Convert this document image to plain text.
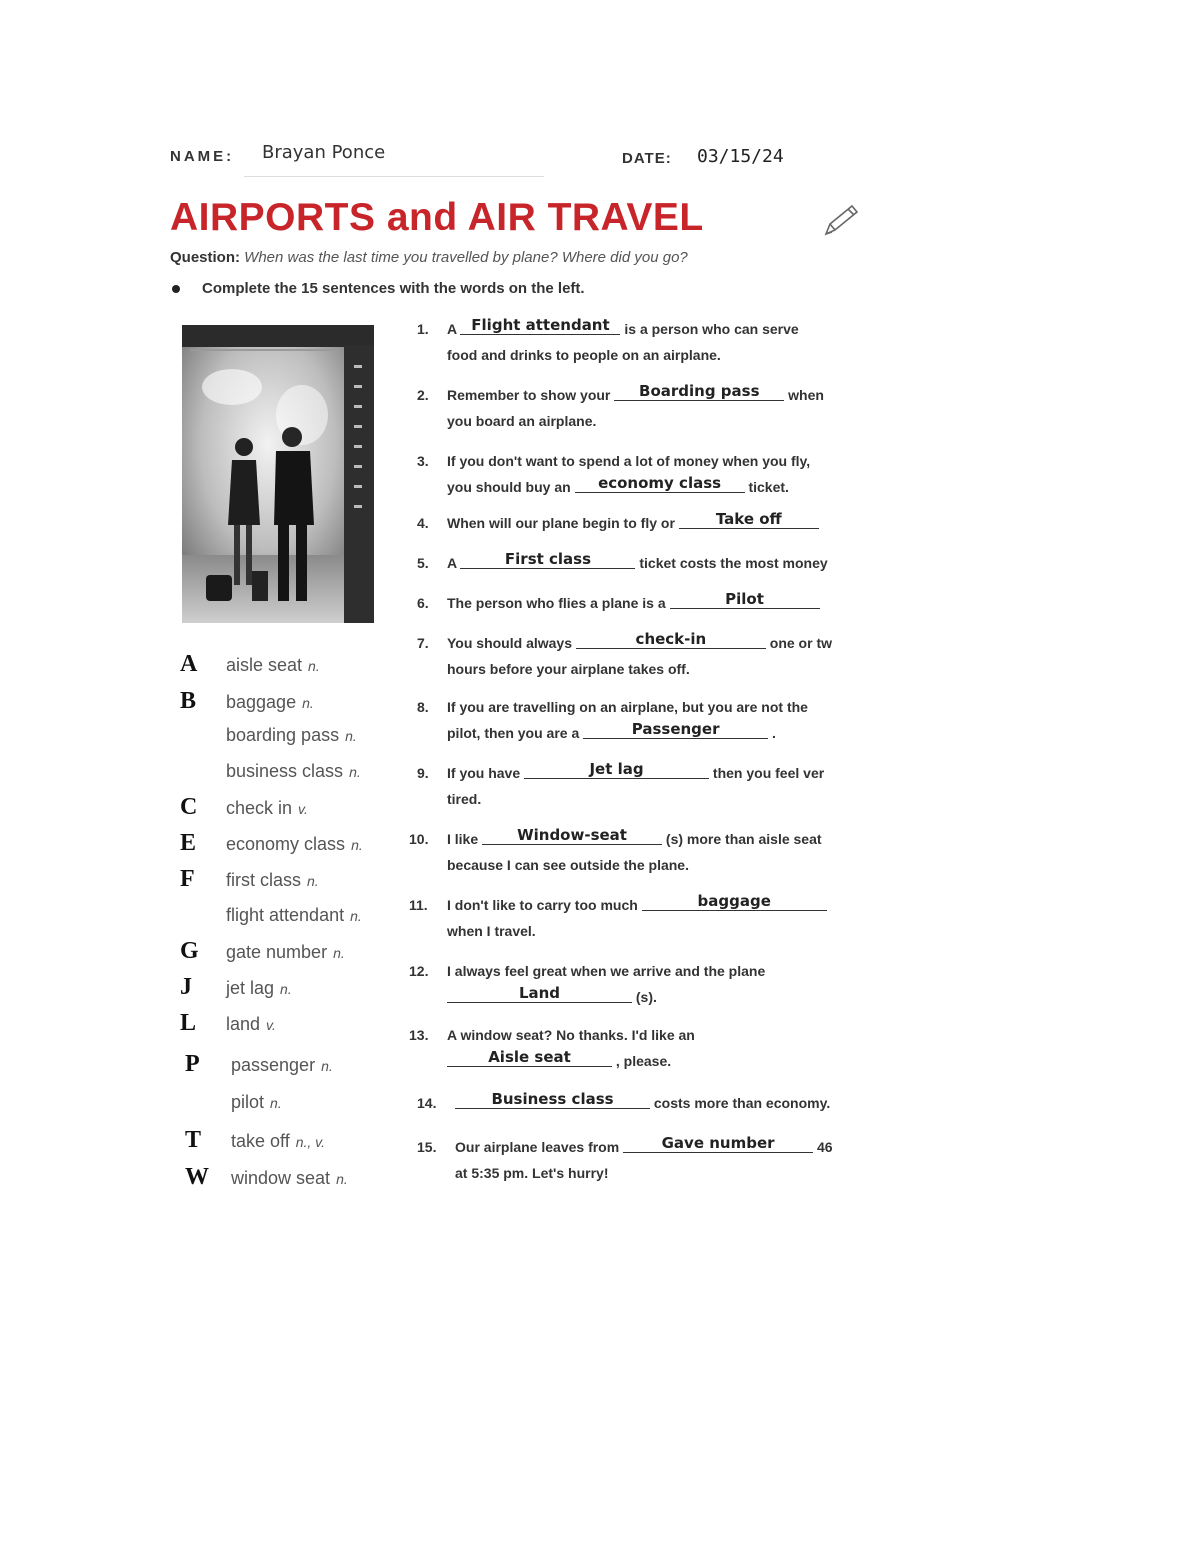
NAME: Brayan Ponce	DATE: 03/15/24
AIRPORTS and AIR TRAVEL
Question: When was the last time you travelled by plane? Where did you go?
Complete the 15 sentences with the words on the left.
A aisle seat n.
B baggage n.
boarding pass n.
business class n.
C check in v.
E economy class n.
F first class n.
flight attendant n.
G gate number n.
J jet lag n.
L land v.
P passenger n.
pilot n.
T take off n., v.
W window seat n.
1. A Flight attendant is a person who can serve
food and drinks to people on an airplane.
2. Remember to show your Boarding pass when
you board an airplane.
3. If you don't want to spend a lot of money when you fly,
you should buy an economy class ticket.
4. When will our plane begin to fly or	Take off
5. A	First class	ticket costs the most money
6. The person who flies a plane is a	Pilot
7. You should always	check-in	one or tw
hours before your airplane takes off.
8. If you are travelling on an airplane, but you are not the
pilot, then you are a	Passenger	.
9. If you have	Jet lag	then you feel ver
tired.
10. I like	Window-seat	(s) more than aisle seat
because I can see outside the plane.
11. I don't like to carry too much	baggage
when I travel.
12. I always feel great when we arrive and the plane
Land	(s).
13. A window seat? No thanks. I'd like an
Aisle seat	, please.
14.	Business class	costs more than economy.
15. Our airplane leaves from	Gave number	46
at 5:35 pm. Let's hurry!
